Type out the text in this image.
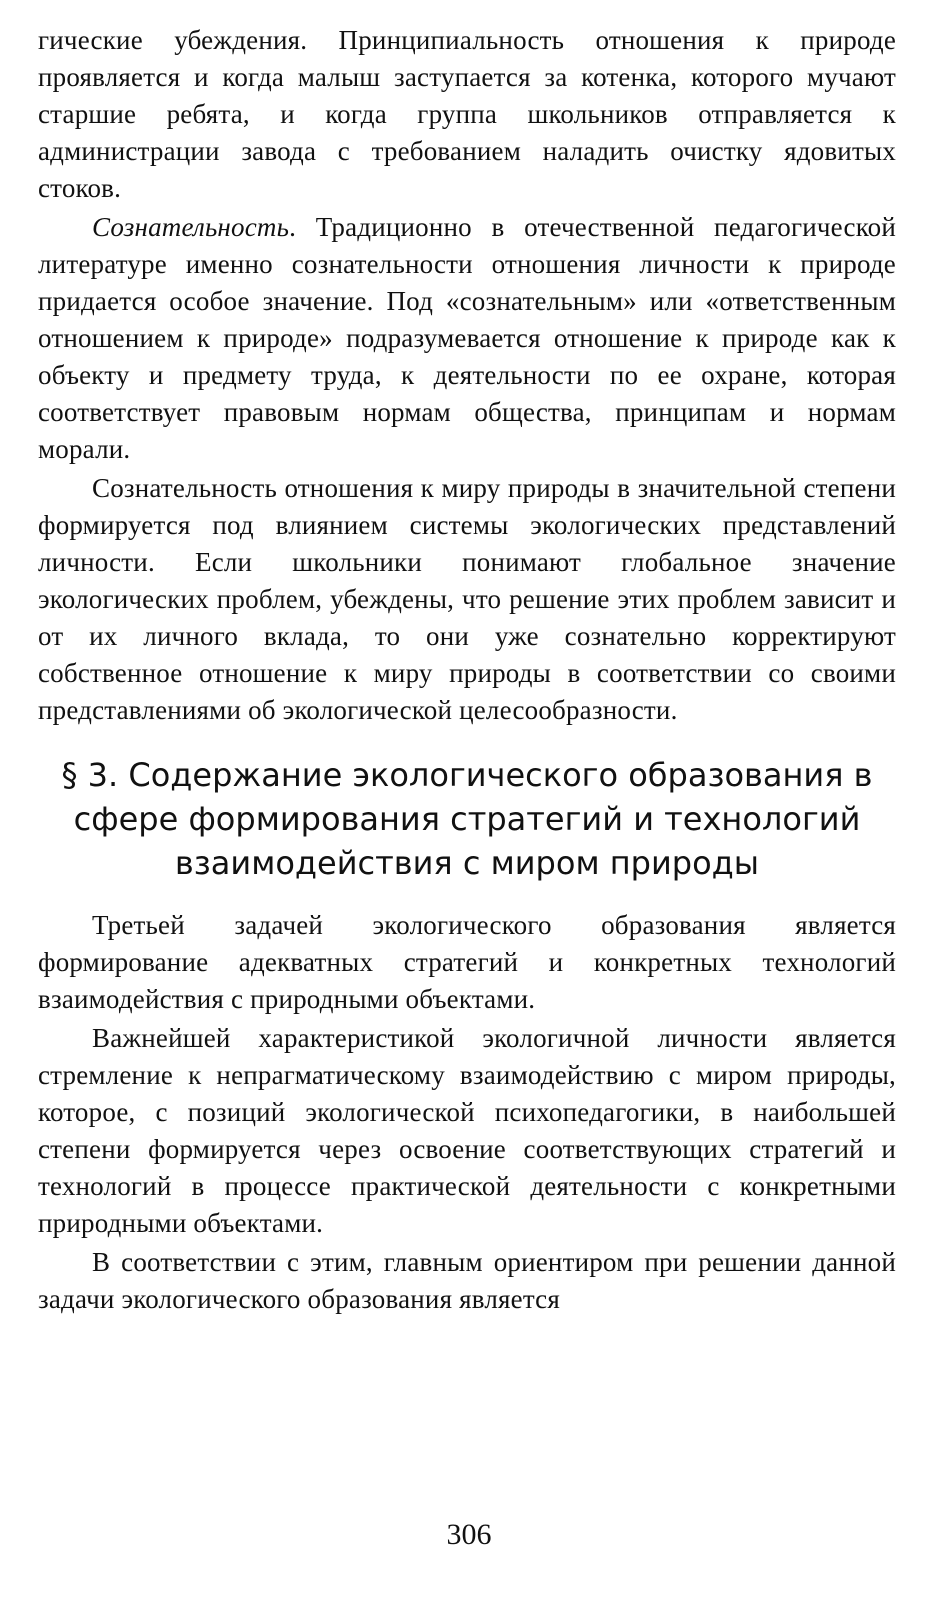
гические убеждения. Принципиальность отношения к природе проявляется и когда малыш заступается за котенка, которого мучают старшие ребята, и когда группа школьников отправляется к администрации завода с требованием наладить очистку ядовитых стоков.

Сознательность. Традиционно в отечественной педагогической литературе именно сознательности отношения личности к природе придается особое значение. Под «сознательным» или «ответственным отношением к природе» подразумевается отношение к природе как к объекту и предмету труда, к деятельности по ее охране, которая соответствует правовым нормам общества, принципам и нормам морали.

Сознательность отношения к миру природы в значительной степени формируется под влиянием системы экологических представлений личности. Если школьники понимают глобальное значение экологических проблем, убеждены, что решение этих проблем зависит и от их личного вклада, то они уже сознательно корректируют собственное отношение к миру природы в соответствии со своими представлениями об экологической целесообразности.

§ 3. Содержание экологического образования в
сфере формирования стратегий и технологий
взаимодействия с миром природы

Третьей задачей экологического образования является формирование адекватных стратегий и конкретных технологий взаимодействия с природными объектами.

Важнейшей характеристикой экологичной личности является стремление к непрагматическому взаимодействию с миром природы, которое, с позиций экологической психопедагогики, в наибольшей степени формируется через освоение соответствующих стратегий и технологий в процессе практической деятельности с конкретными природными объектами.

В соответствии с этим, главным ориентиром при решении данной задачи экологического образования является

306
